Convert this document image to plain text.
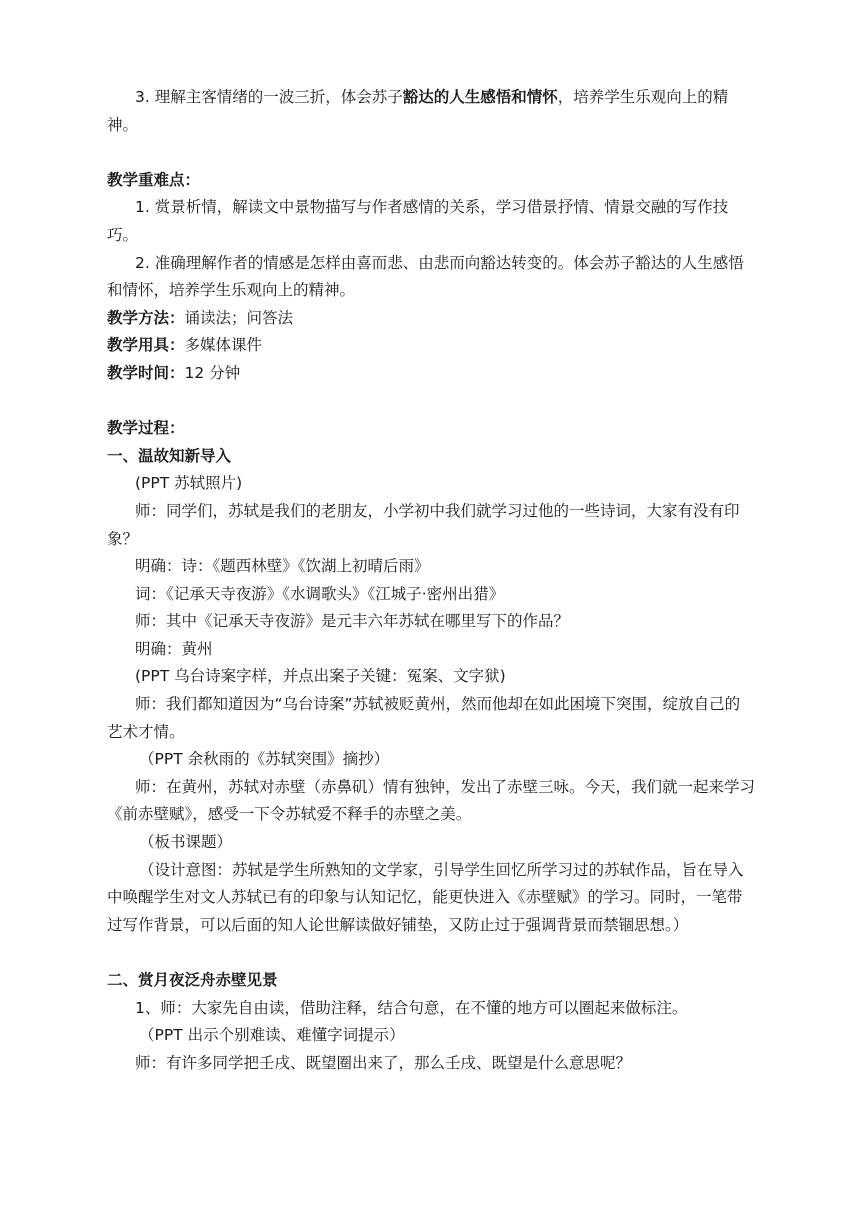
3. 理解主客情绪的一波三折，体会苏子豁达的人生感悟和情怀，培养学生乐观向上的精神。

教学重难点：

1. 赏景析情，解读文中景物描写与作者感情的关系，学习借景抒情、情景交融的写作技巧。

2. 准确理解作者的情感是怎样由喜而悲、由悲而向豁达转变的。体会苏子豁达的人生感悟和情怀，培养学生乐观向上的精神。

教学方法：诵读法；问答法

教学用具：多媒体课件

教学时间：12 分钟

教学过程：

一、温故知新导入

(PPT 苏轼照片)

师：同学们，苏轼是我们的老朋友，小学初中我们就学习过他的一些诗词，大家有没有印象？

明确：诗：《题西林壁》《饮湖上初晴后雨》

词：《记承天寺夜游》《水调歌头》《江城子·密州出猎》

师：其中《记承天寺夜游》是元丰六年苏轼在哪里写下的作品？

明确：黄州

(PPT 乌台诗案字样，并点出案子关键：冤案、文字狱)

师：我们都知道因为“乌台诗案”苏轼被贬黄州，然而他却在如此困境下突围，绽放自己的艺术才情。

（PPT 余秋雨的《苏轼突围》摘抄）

师：在黄州，苏轼对赤壁（赤鼻矶）情有独钟，发出了赤壁三咏。今天，我们就一起来学习《前赤壁赋》，感受一下令苏轼爱不释手的赤壁之美。

（板书课题）

（设计意图：苏轼是学生所熟知的文学家，引导学生回忆所学习过的苏轼作品，旨在导入中唤醒学生对文人苏轼已有的印象与认知记忆，能更快进入《赤壁赋》的学习。同时，一笔带过写作背景，可以后面的知人论世解读做好铺垫，又防止过于强调背景而禁锢思想。）

二、赏月夜泛舟赤壁见景

1、师：大家先自由读，借助注释，结合句意，在不懂的地方可以圈起来做标注。

（PPT 出示个别难读、难懂字词提示）

师：有许多同学把壬戌、既望圈出来了，那么壬戌、既望是什么意思呢？
